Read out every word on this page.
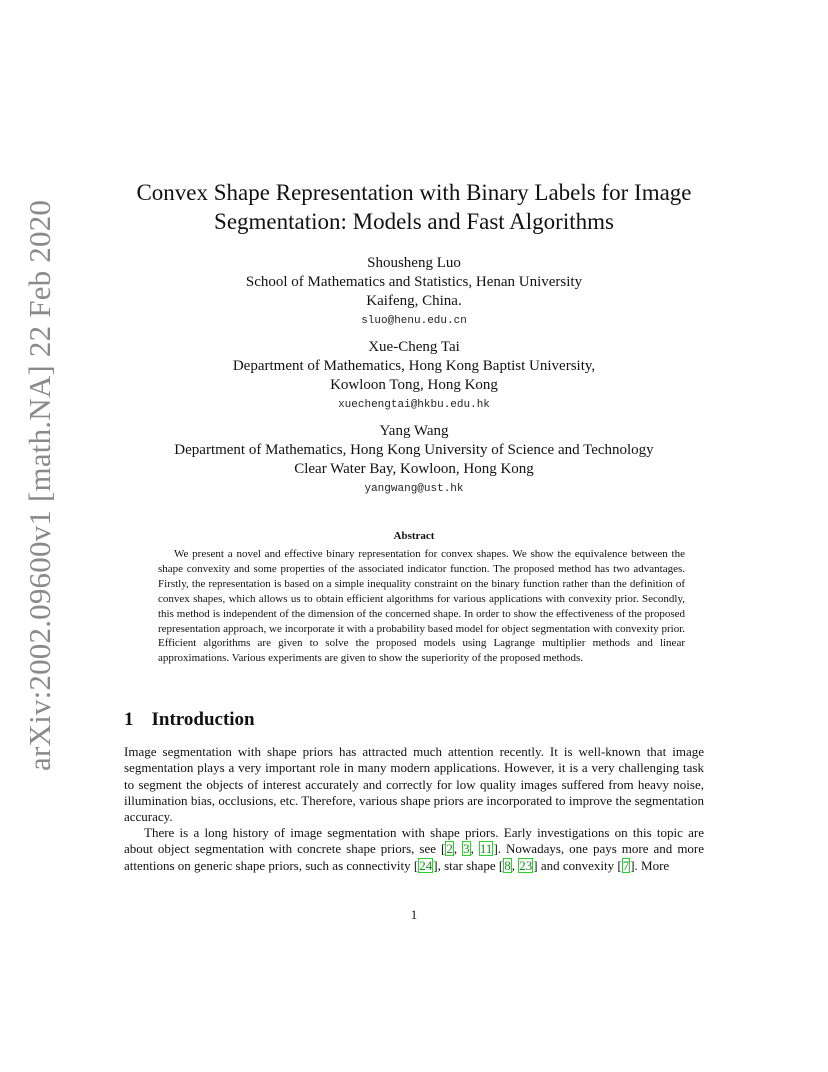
arXiv:2002.09600v1 [math.NA] 22 Feb 2020
Convex Shape Representation with Binary Labels for Image Segmentation: Models and Fast Algorithms
Shousheng Luo
School of Mathematics and Statistics, Henan University
Kaifeng, China.
sluo@henu.edu.cn
Xue-Cheng Tai
Department of Mathematics, Hong Kong Baptist University,
Kowloon Tong, Hong Kong
xuechengtai@hkbu.edu.hk
Yang Wang
Department of Mathematics, Hong Kong University of Science and Technology
Clear Water Bay, Kowloon, Hong Kong
yangwang@ust.hk
Abstract
We present a novel and effective binary representation for convex shapes. We show the equivalence between the shape convexity and some properties of the associated indicator function. The proposed method has two advantages. Firstly, the representation is based on a simple inequality constraint on the binary function rather than the definition of convex shapes, which allows us to obtain efficient algorithms for various applications with convexity prior. Secondly, this method is independent of the dimension of the concerned shape. In order to show the effectiveness of the proposed representation approach, we incorporate it with a probability based model for object segmentation with convexity prior. Efficient algorithms are given to solve the proposed models using Lagrange multiplier methods and linear approximations. Various experiments are given to show the superiority of the proposed methods.
1 Introduction
Image segmentation with shape priors has attracted much attention recently. It is well-known that image segmentation plays a very important role in many modern applications. However, it is a very challenging task to segment the objects of interest accurately and correctly for low quality images suffered from heavy noise, illumination bias, occlusions, etc. Therefore, various shape priors are incorporated to improve the segmentation accuracy.
There is a long history of image segmentation with shape priors. Early investigations on this topic are about object segmentation with concrete shape priors, see [2, 3, 11]. Nowadays, one pays more and more attentions on generic shape priors, such as connectivity [24], star shape [8, 23] and convexity [7]. More
1
